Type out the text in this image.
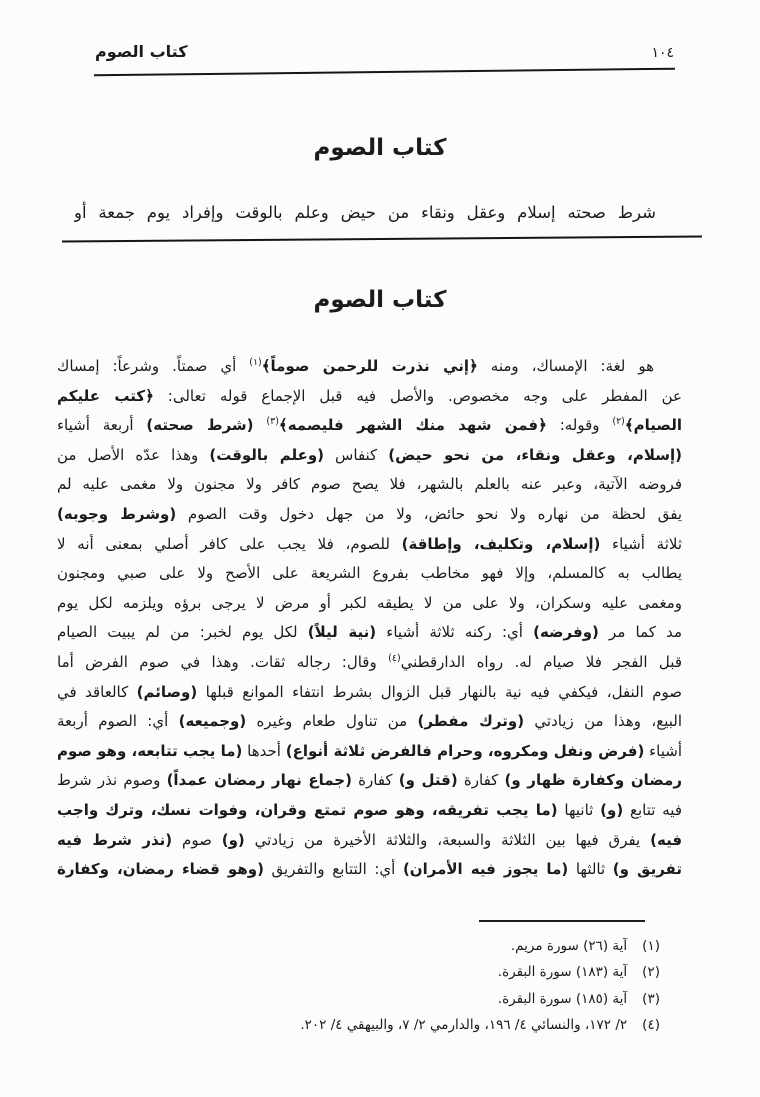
كتاب الصوم	١٠٤
كتاب الصوم
شرط صحته إسلام وعقل ونقاء من حيض وعلم بالوقت وإفراد يوم جمعة أو
كتاب الصوم
هو لغة: الإمساك، ومنه ﴿إني نذرت للرحمن صوماً﴾$^{(١)}$ أي صمتاً. وشرعاً: إمساك
عن المفطر على وجه مخصوص. والأصل فيه قبل الإجماع قوله تعالى: ﴿كتب عليكم
الصيام﴾$^{(٢)}$ وقوله: ﴿فمن شهد منك الشهر فليصمه﴾$^{(٣)}$ (شرط صحته) أربعة أشياء
(إسلام، وعقل ونقاء، من نحو حيض) كنفاس (وعلم بالوقت) وهذا عدّه الأصل من
فروضه الآتية، وعبر عنه بالعلم بالشهر، فلا يصح صوم كافر ولا مجنون ولا مغمى عليه لم
يفق لحظة من نهاره ولا نحو حائض، ولا من جهل دخول وقت الصوم (وشرط وجوبه)
ثلاثة أشياء (إسلام، وتكليف، وإطاقة) للصوم، فلا يجب على كافر أصلي بمعنى أنه لا
يطالب به كالمسلم، وإلا فهو مخاطب بفروع الشريعة على الأصح ولا على صبي ومجنون
ومغمى عليه وسكران، ولا على من لا يطيقه لكبر أو مرض لا يرجى برؤه ويلزمه لكل يوم
مد كما مر (وفرضه) أي: ركنه ثلاثة أشياء (نية ليلاً) لكل يوم لخبر: من لم يبيت الصيام
قبل الفجر فلا صيام له. رواه الدارقطني$^{(٤)}$ وقال: رجاله ثقات. وهذا في صوم الفرض أما
صوم النفل، فيكفي فيه نية بالنهار قبل الزوال بشرط انتفاء الموانع قبلها (وصائم) كالعاقد في
البيع، وهذا من زيادتي (وترك مفطر) من تناول طعام وغيره (وجميعه) أي: الصوم أربعة
أشياء (فرض ونفل ومكروه، وحرام فالفرض ثلاثة أنواع) أحدها (ما يجب تتابعه، وهو صوم
رمضان وكفارة ظهار و) كفارة (قتل و) كفارة (جماع نهار رمضان عمداً) وصوم نذر شرط
فيه تتابع (و) ثانيها (ما يجب تفريقه، وهو صوم تمتع وقران، وفوات نسك، وترك واجب
فيه) يفرق فيها بين الثلاثة والسبعة، والثلاثة الأخيرة من زيادتي (و) صوم (نذر شرط فيه
تفريق و) ثالثها (ما يجوز فيه الأمران) أي: التتابع والتفريق (وهو قضاء رمضان، وكفارة
(١)آية (٢٦) سورة مريم.
(٢)آية (١٨٣) سورة البقرة.
(٣)آية (١٨٥) سورة البقرة.
(٤)٢/ ١٧٢، والنسائي ٤/ ١٩٦، والدارمي ٢/ ٧، والبيهقي ٤/ ٢٠٢.
